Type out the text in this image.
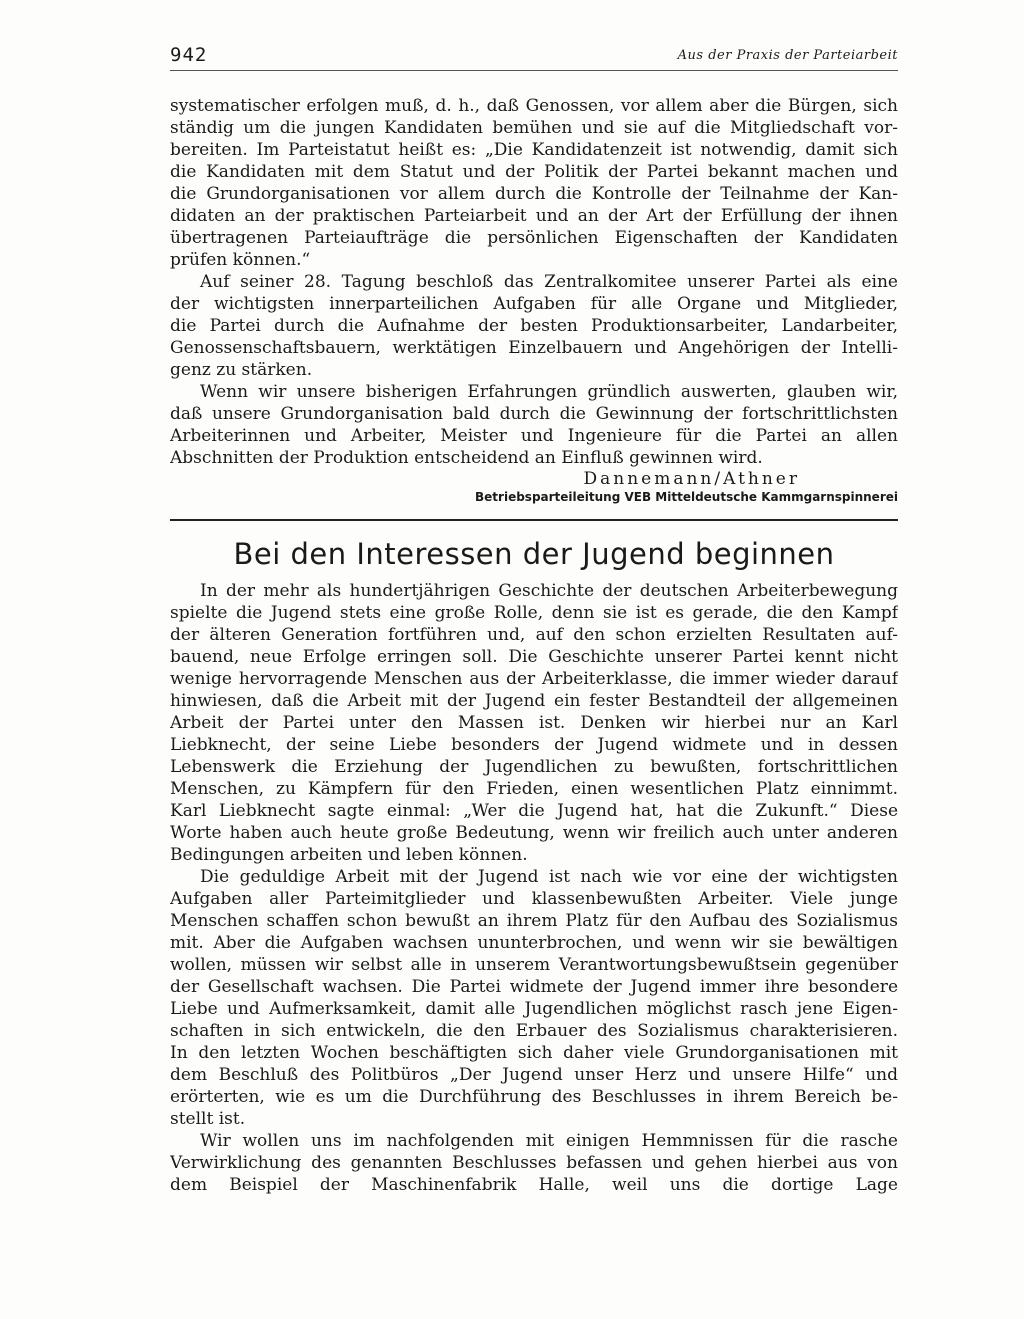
942	Aus der Praxis der Parteiarbeit
systematischer erfolgen muß, d. h., daß Genossen, vor allem aber die Bürgen, sich
ständig um die jungen Kandidaten bemühen und sie auf die Mitgliedschaft vor-
bereiten. Im Parteistatut heißt es: „Die Kandidatenzeit ist notwendig, damit sich
die Kandidaten mit dem Statut und der Politik der Partei bekannt machen und
die Grundorganisationen vor allem durch die Kontrolle der Teilnahme der Kan-
didaten an der praktischen Parteiarbeit und an der Art der Erfüllung der ihnen
übertragenen Parteiaufträge die persönlichen Eigenschaften der Kandidaten
prüfen können.“
Auf seiner 28. Tagung beschloß das Zentralkomitee unserer Partei als eine
der wichtigsten innerparteilichen Aufgaben für alle Organe und Mitglieder,
die Partei durch die Aufnahme der besten Produktionsarbeiter, Landarbeiter,
Genossenschaftsbauern, werktätigen Einzelbauern und Angehörigen der Intelli-
genz zu stärken.
Wenn wir unsere bisherigen Erfahrungen gründlich auswerten, glauben wir,
daß unsere Grundorganisation bald durch die Gewinnung der fortschrittlichsten
Arbeiterinnen und Arbeiter, Meister und Ingenieure für die Partei an allen
Abschnitten der Produktion entscheidend an Einfluß gewinnen wird.
Dannemann/Athner
Betriebsparteileitung VEB Mitteldeutsche Kammgarnspinnerei
Bei den Interessen der Jugend beginnen
In der mehr als hundertjährigen Geschichte der deutschen Arbeiterbewegung
spielte die Jugend stets eine große Rolle, denn sie ist es gerade, die den Kampf
der älteren Generation fortführen und, auf den schon erzielten Resultaten auf-
bauend, neue Erfolge erringen soll. Die Geschichte unserer Partei kennt nicht
wenige hervorragende Menschen aus der Arbeiterklasse, die immer wieder darauf
hinwiesen, daß die Arbeit mit der Jugend ein fester Bestandteil der allgemeinen
Arbeit der Partei unter den Massen ist. Denken wir hierbei nur an Karl
Liebknecht, der seine Liebe besonders der Jugend widmete und in dessen
Lebenswerk die Erziehung der Jugendlichen zu bewußten, fortschrittlichen
Menschen, zu Kämpfern für den Frieden, einen wesentlichen Platz einnimmt.
Karl Liebknecht sagte einmal: „Wer die Jugend hat, hat die Zukunft.“ Diese
Worte haben auch heute große Bedeutung, wenn wir freilich auch unter anderen
Bedingungen arbeiten und leben können.
Die geduldige Arbeit mit der Jugend ist nach wie vor eine der wichtigsten
Aufgaben aller Parteimitglieder und klassenbewußten Arbeiter. Viele junge
Menschen schaffen schon bewußt an ihrem Platz für den Aufbau des Sozialismus
mit. Aber die Aufgaben wachsen ununterbrochen, und wenn wir sie bewältigen
wollen, müssen wir selbst alle in unserem Verantwortungsbewußtsein gegenüber
der Gesellschaft wachsen. Die Partei widmete der Jugend immer ihre besondere
Liebe und Aufmerksamkeit, damit alle Jugendlichen möglichst rasch jene Eigen-
schaften in sich entwickeln, die den Erbauer des Sozialismus charakterisieren.
In den letzten Wochen beschäftigten sich daher viele Grundorganisationen mit
dem Beschluß des Politbüros „Der Jugend unser Herz und unsere Hilfe“ und
erörterten, wie es um die Durchführung des Beschlusses in ihrem Bereich be-
stellt ist.
Wir wollen uns im nachfolgenden mit einigen Hemmnissen für die rasche
Verwirklichung des genannten Beschlusses befassen und gehen hierbei aus von
dem Beispiel der Maschinenfabrik Halle, weil uns die dortige Lage
